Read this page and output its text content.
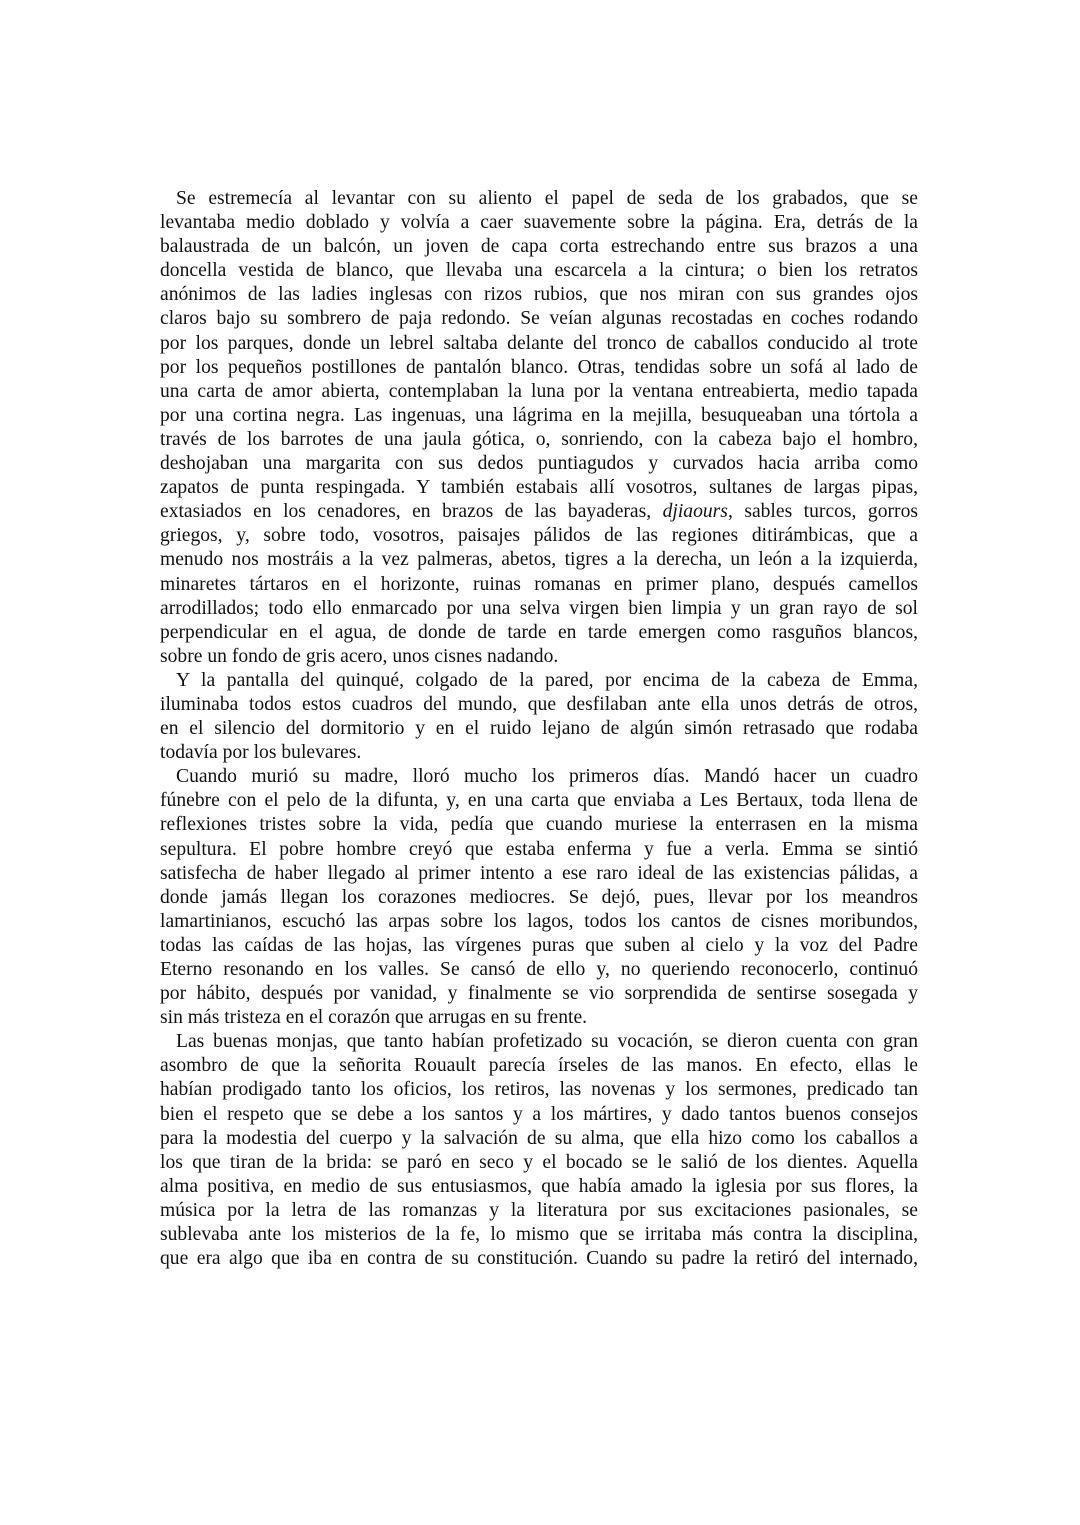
Se estremecía al levantar con su aliento el papel de seda de los grabados, que se
levantaba medio doblado y volvía a caer suavemente sobre la página. Era, detrás de la
balaustrada de un balcón, un joven de capa corta estrechando entre sus brazos a una
doncella vestida de blanco, que llevaba una escarcela a la cintura; o bien los retratos
anónimos de las ladies inglesas con rizos rubios, que nos miran con sus grandes ojos
claros bajo su sombrero de paja redondo. Se veían algunas recostadas en coches rodando
por los parques, donde un lebrel saltaba delante del tronco de caballos conducido al trote
por los pequeños postillones de pantalón blanco. Otras, tendidas sobre un sofá al lado de
una carta de amor abierta, contemplaban la luna por la ventana entreabierta, medio tapada
por una cortina negra. Las ingenuas, una lágrima en la mejilla, besuqueaban una tórtola a
través de los barrotes de una jaula gótica, o, sonriendo, con la cabeza bajo el hombro,
deshojaban una margarita con sus dedos puntiagudos y curvados hacia arriba como
zapatos de punta respingada. Y también estabais allí vosotros, sultanes de largas pipas,
extasiados en los cenadores, en brazos de las bayaderas, djiaours, sables turcos, gorros
griegos, y, sobre todo, vosotros, paisajes pálidos de las regiones ditirámbicas, que a
menudo nos mostráis a la vez palmeras, abetos, tigres a la derecha, un león a la izquierda,
minaretes tártaros en el horizonte, ruinas romanas en primer plano, después camellos
arrodillados; todo ello enmarcado por una selva virgen bien limpia y un gran rayo de sol
perpendicular en el agua, de donde de tarde en tarde emergen como rasguños blancos,
sobre un fondo de gris acero, unos cisnes nadando.
Y la pantalla del quinqué, colgado de la pared, por encima de la cabeza de Emma,
iluminaba todos estos cuadros del mundo, que desfilaban ante ella unos detrás de otros,
en el silencio del dormitorio y en el ruido lejano de algún simón retrasado que rodaba
todavía por los bulevares.
Cuando murió su madre, lloró mucho los primeros días. Mandó hacer un cuadro
fúnebre con el pelo de la difunta, y, en una carta que enviaba a Les Bertaux, toda llena de
reflexiones tristes sobre la vida, pedía que cuando muriese la enterrasen en la misma
sepultura. El pobre hombre creyó que estaba enferma y fue a verla. Emma se sintió
satisfecha de haber llegado al primer intento a ese raro ideal de las existencias pálidas, a
donde jamás llegan los corazones mediocres. Se dejó, pues, llevar por los meandros
lamartinianos, escuchó las arpas sobre los lagos, todos los cantos de cisnes moribundos,
todas las caídas de las hojas, las vírgenes puras que suben al cielo y la voz del Padre
Eterno resonando en los valles. Se cansó de ello y, no queriendo reconocerlo, continuó
por hábito, después por vanidad, y finalmente se vio sorprendida de sentirse sosegada y
sin más tristeza en el corazón que arrugas en su frente.
Las buenas monjas, que tanto habían profetizado su vocación, se dieron cuenta con gran
asombro de que la señorita Rouault parecía írseles de las manos. En efecto, ellas le
habían prodigado tanto los oficios, los retiros, las novenas y los sermones, predicado tan
bien el respeto que se debe a los santos y a los mártires, y dado tantos buenos consejos
para la modestia del cuerpo y la salvación de su alma, que ella hizo como los caballos a
los que tiran de la brida: se paró en seco y el bocado se le salió de los dientes. Aquella
alma positiva, en medio de sus entusiasmos, que había amado la iglesia por sus flores, la
música por la letra de las romanzas y la literatura por sus excitaciones pasionales, se
sublevaba ante los misterios de la fe, lo mismo que se irritaba más contra la disciplina,
que era algo que iba en contra de su constitución. Cuando su padre la retiró del internado,
